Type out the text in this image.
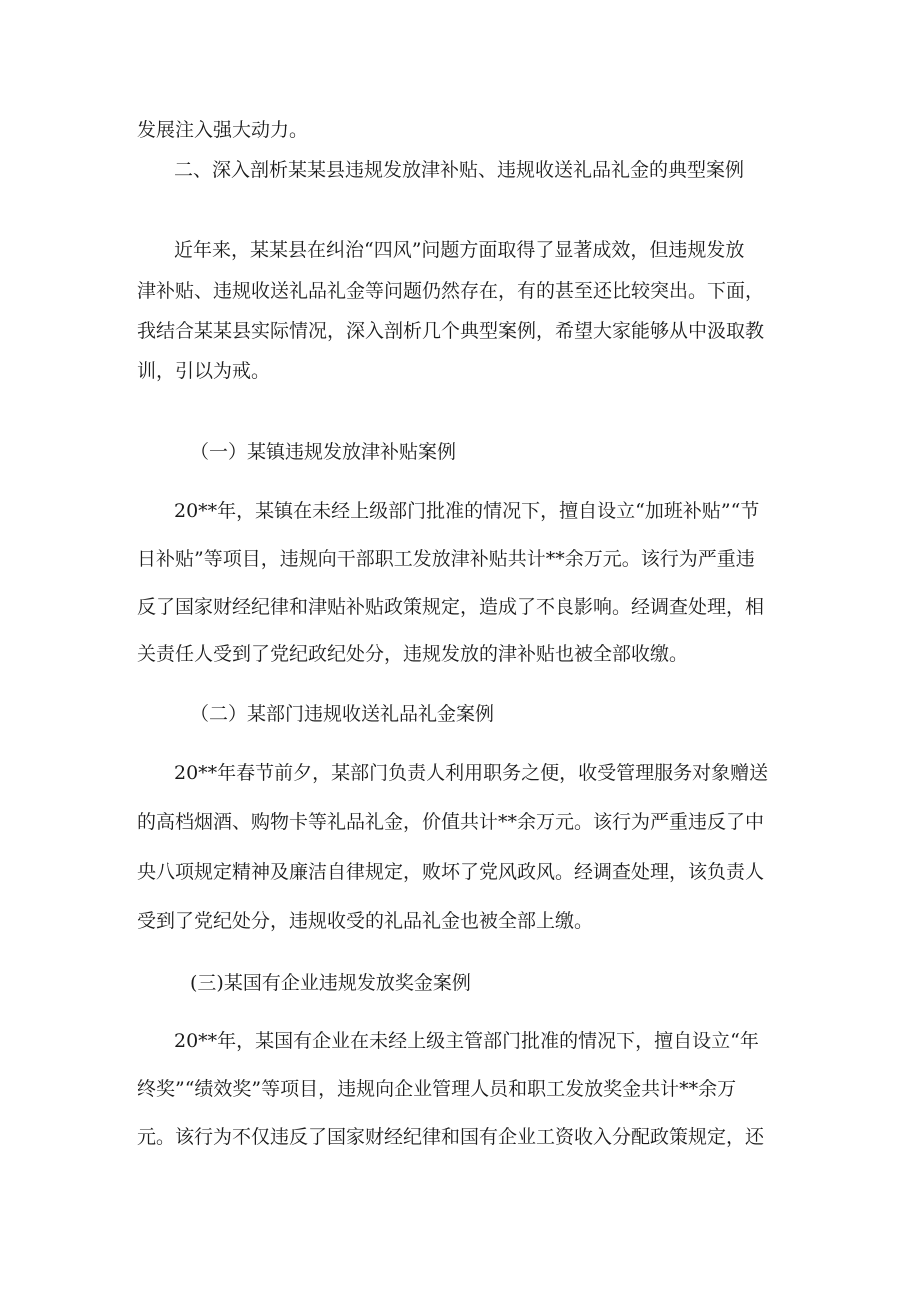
发展注入强大动力。
二、深入剖析某某县违规发放津补贴、违规收送礼品礼金的典型案例
近年来，某某县在纠治“四风”问题方面取得了显著成效，但违规发放
津补贴、违规收送礼品礼金等问题仍然存在，有的甚至还比较突出。下面，
我结合某某县实际情况，深入剖析几个典型案例，希望大家能够从中汲取教
训，引以为戒。
（一）某镇违规发放津补贴案例
20**年，某镇在未经上级部门批准的情况下，擅自设立“加班补贴”“节
日补贴”等项目，违规向干部职工发放津补贴共计**余万元。该行为严重违
反了国家财经纪律和津贴补贴政策规定，造成了不良影响。经调查处理，相
关责任人受到了党纪政纪处分，违规发放的津补贴也被全部收缴。
（二）某部门违规收送礼品礼金案例
20**年春节前夕，某部门负责人利用职务之便，收受管理服务对象赠送
的高档烟酒、购物卡等礼品礼金，价值共计**余万元。该行为严重违反了中
央八项规定精神及廉洁自律规定，败坏了党风政风。经调查处理，该负责人
受到了党纪处分，违规收受的礼品礼金也被全部上缴。
(三)某国有企业违规发放奖金案例
20**年，某国有企业在未经上级主管部门批准的情况下，擅自设立“年
终奖”“绩效奖”等项目，违规向企业管理人员和职工发放奖金共计**余万
元。该行为不仅违反了国家财经纪律和国有企业工资收入分配政策规定，还
